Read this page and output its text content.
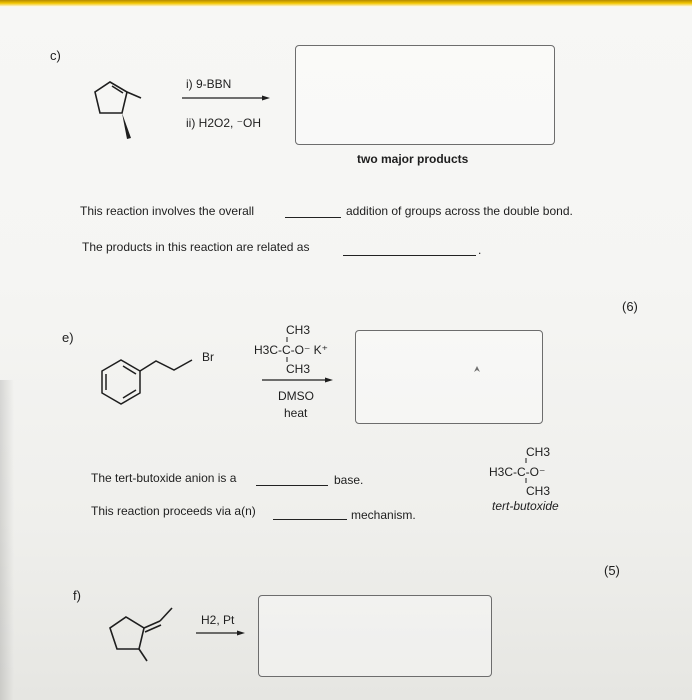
c)
i) 9-BBN
ii) H2O2, ⁻OH
two major products
This reaction involves the overall	addition of groups across the double bond.
The products in this reaction are related as	.
(6)
e)
Br
CH3
H3C-C-O⁻ K⁺
CH3
DMSO
heat
The tert-butoxide anion is a	base.
This reaction proceeds via a(n)	mechanism.
CH3
H3C-C-O⁻
CH3
tert-butoxide
(5)
f)
H2, Pt
